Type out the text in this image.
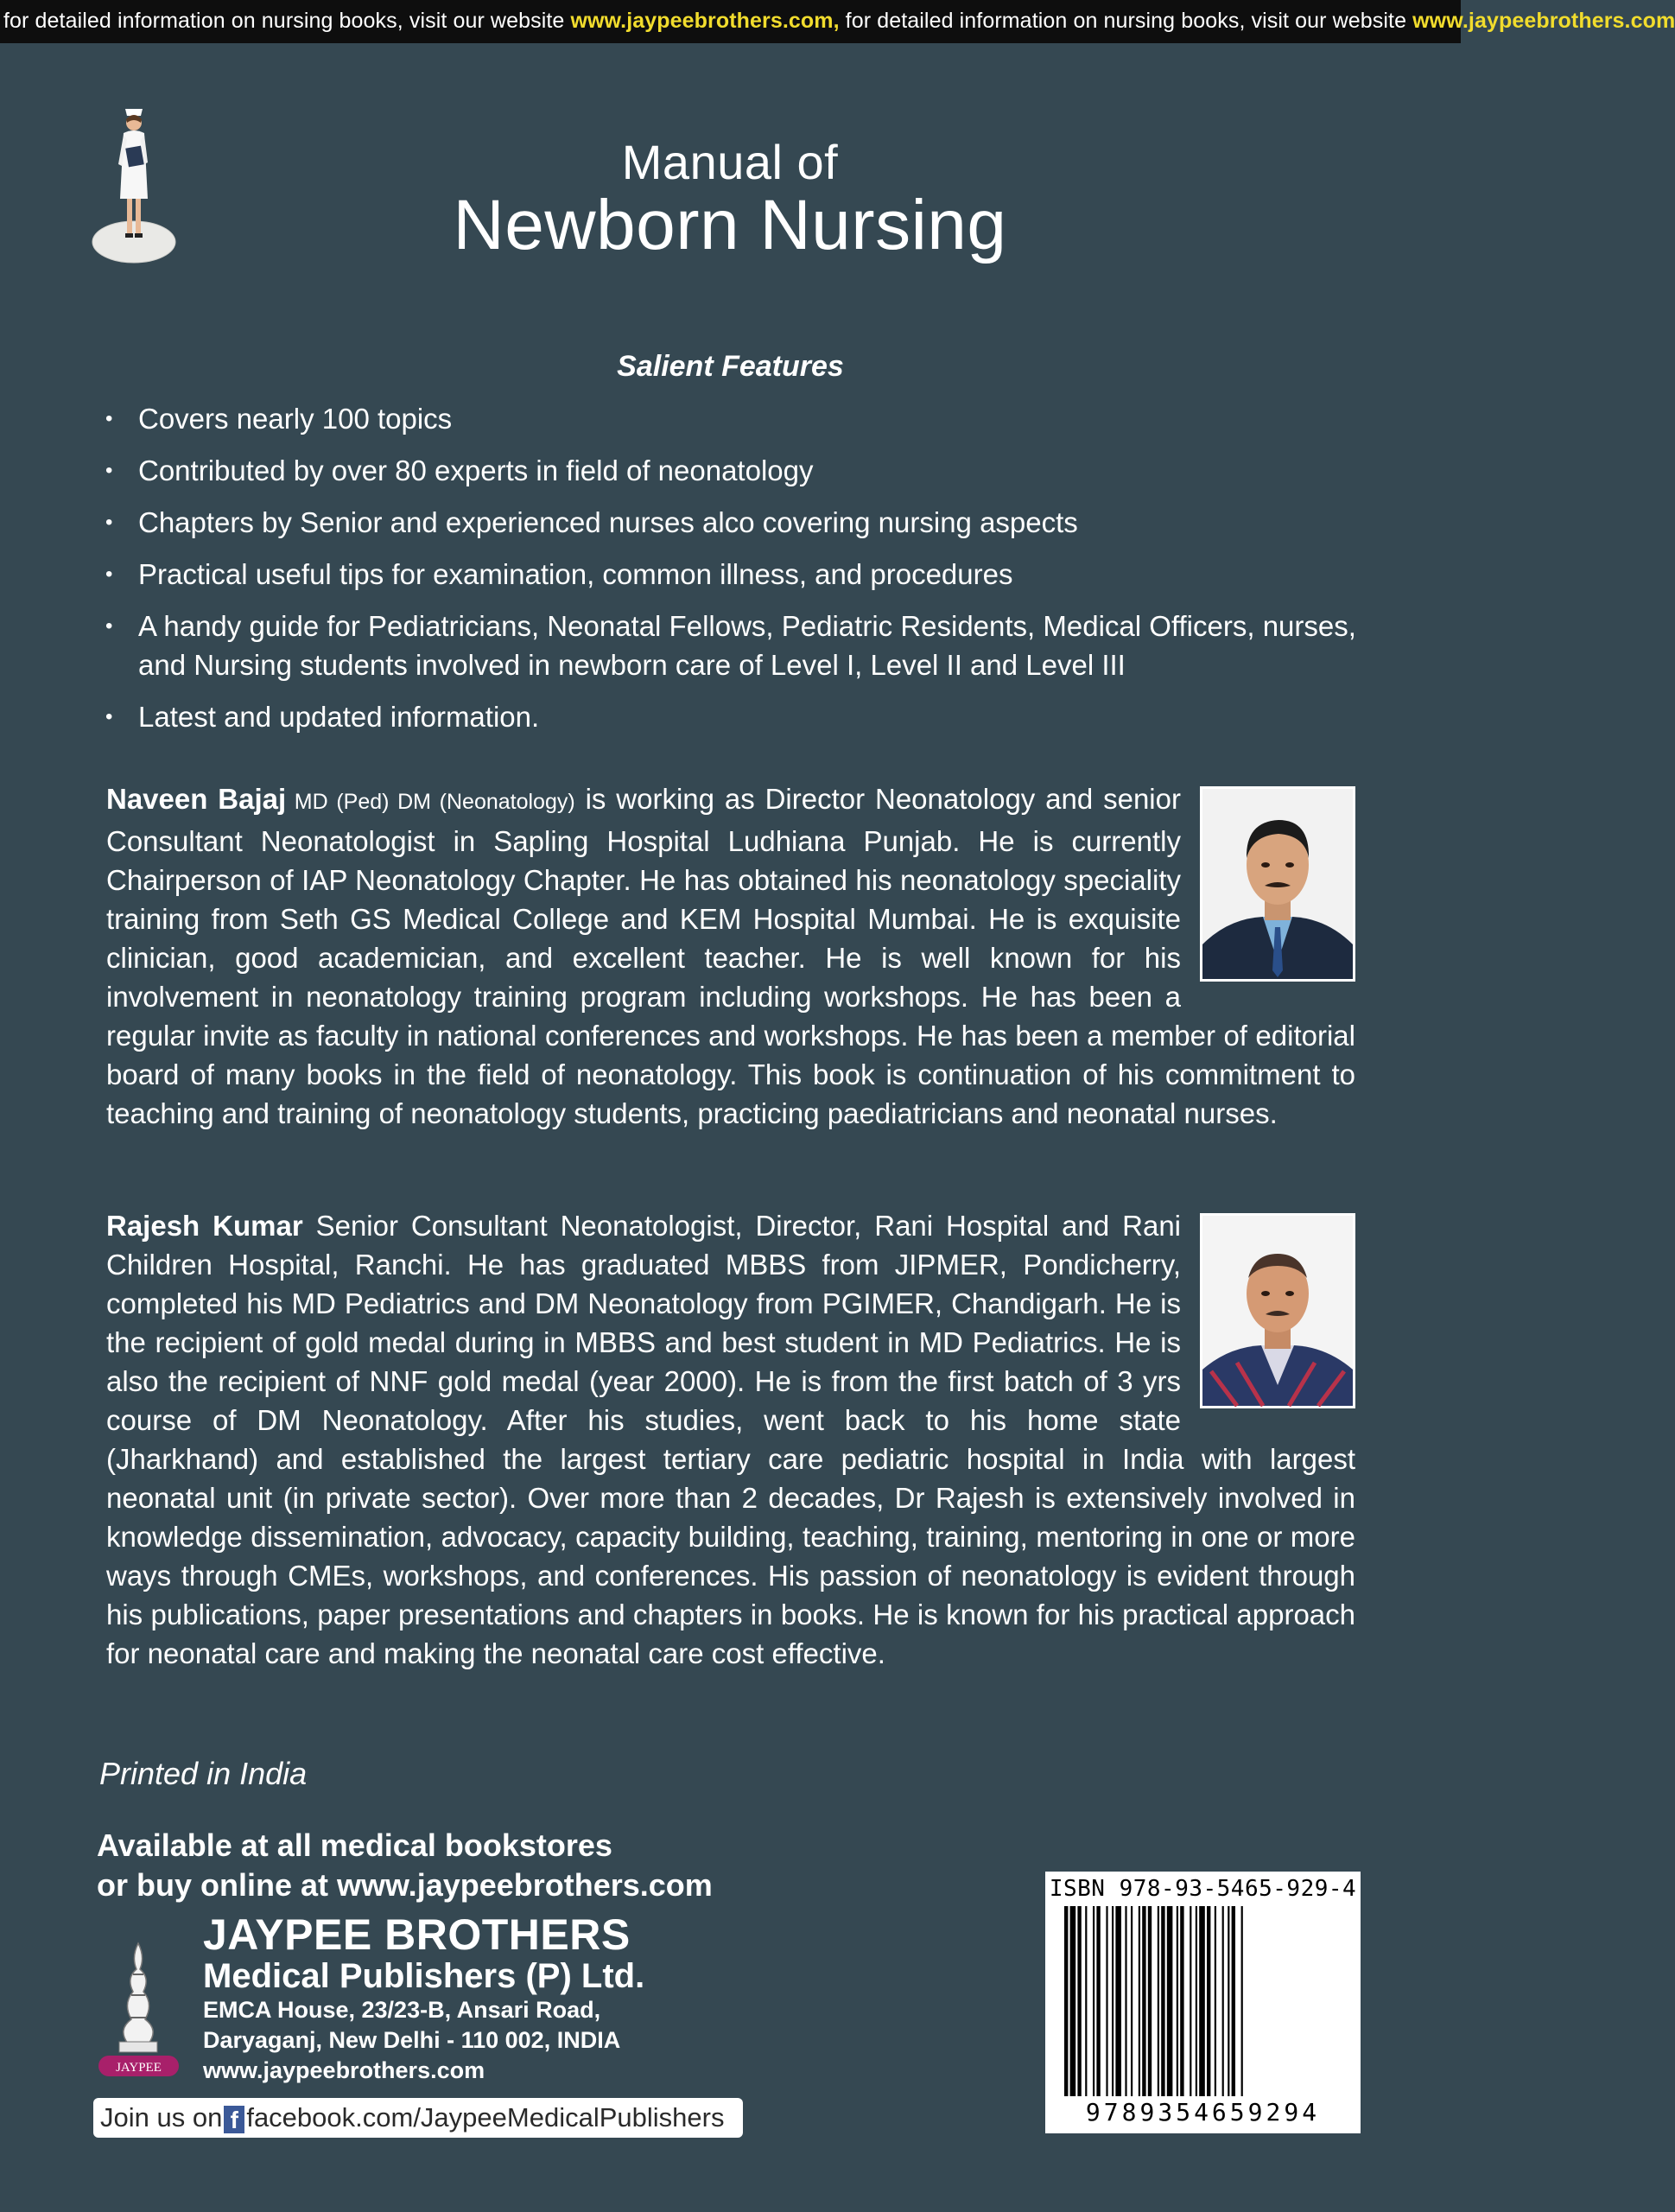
for detailed information on nursing books, visit our website www.jaypeebrothers.com, for detailed information on nursing books, visit our website www.jaypeebrothers.com
Manual of
Newborn Nursing
Salient Features
• Covers nearly 100 topics
• Contributed by over 80 experts in field of neonatology
• Chapters by Senior and experienced nurses alco covering nursing aspects
• Practical useful tips for examination, common illness, and procedures
• A handy guide for Pediatricians, Neonatal Fellows, Pediatric Residents, Medical Officers, nurses, and Nursing students involved in newborn care of Level I, Level II and Level III
• Latest and updated information.
Naveen Bajaj MD (Ped) DM (Neonatology) is working as Director Neonatology and senior Consultant Neonatologist in Sapling Hospital Ludhiana Punjab. He is currently Chairperson of IAP Neonatology Chapter. He has obtained his neonatology speciality training from Seth GS Medical College and KEM Hospital Mumbai. He is exquisite clinician, good academician, and excellent teacher. He is well known for his involvement in neonatology training program including workshops. He has been a regular invite as faculty in national conferences and workshops. He has been a member of editorial board of many books in the field of neonatology. This book is continuation of his commitment to teaching and training of neonatology students, practicing paediatricians and neonatal nurses.
Rajesh Kumar Senior Consultant Neonatologist, Director, Rani Hospital and Rani Children Hospital, Ranchi. He has graduated MBBS from JIPMER, Pondicherry, completed his MD Pediatrics and DM Neonatology from PGIMER, Chandigarh. He is the recipient of gold medal during in MBBS and best student in MD Pediatrics. He is also the recipient of NNF gold medal (year 2000). He is from the first batch of 3 yrs course of DM Neonatology. After his studies, went back to his home state (Jharkhand) and established the largest tertiary care pediatric hospital in India with largest neonatal unit (in private sector). Over more than 2 decades, Dr Rajesh is extensively involved in knowledge dissemination, advocacy, capacity building, teaching, training, mentoring in one or more ways through CMEs, workshops, and conferences. His passion of neonatology is evident through his publications, paper presentations and chapters in books. He is known for his practical approach for neonatal care and making the neonatal care cost effective.
Printed in India
Available at all medical bookstores
or buy online at www.jaypeebrothers.com
JAYPEE
JAYPEE BROTHERS
Medical Publishers (P) Ltd.
EMCA House, 23/23-B, Ansari Road,
Daryaganj, New Delhi - 110 002, INDIA
www.jaypeebrothers.com
Join us on f facebook.com/JaypeeMedicalPublishers
ISBN 978-93-5465-929-4
9789354659294
